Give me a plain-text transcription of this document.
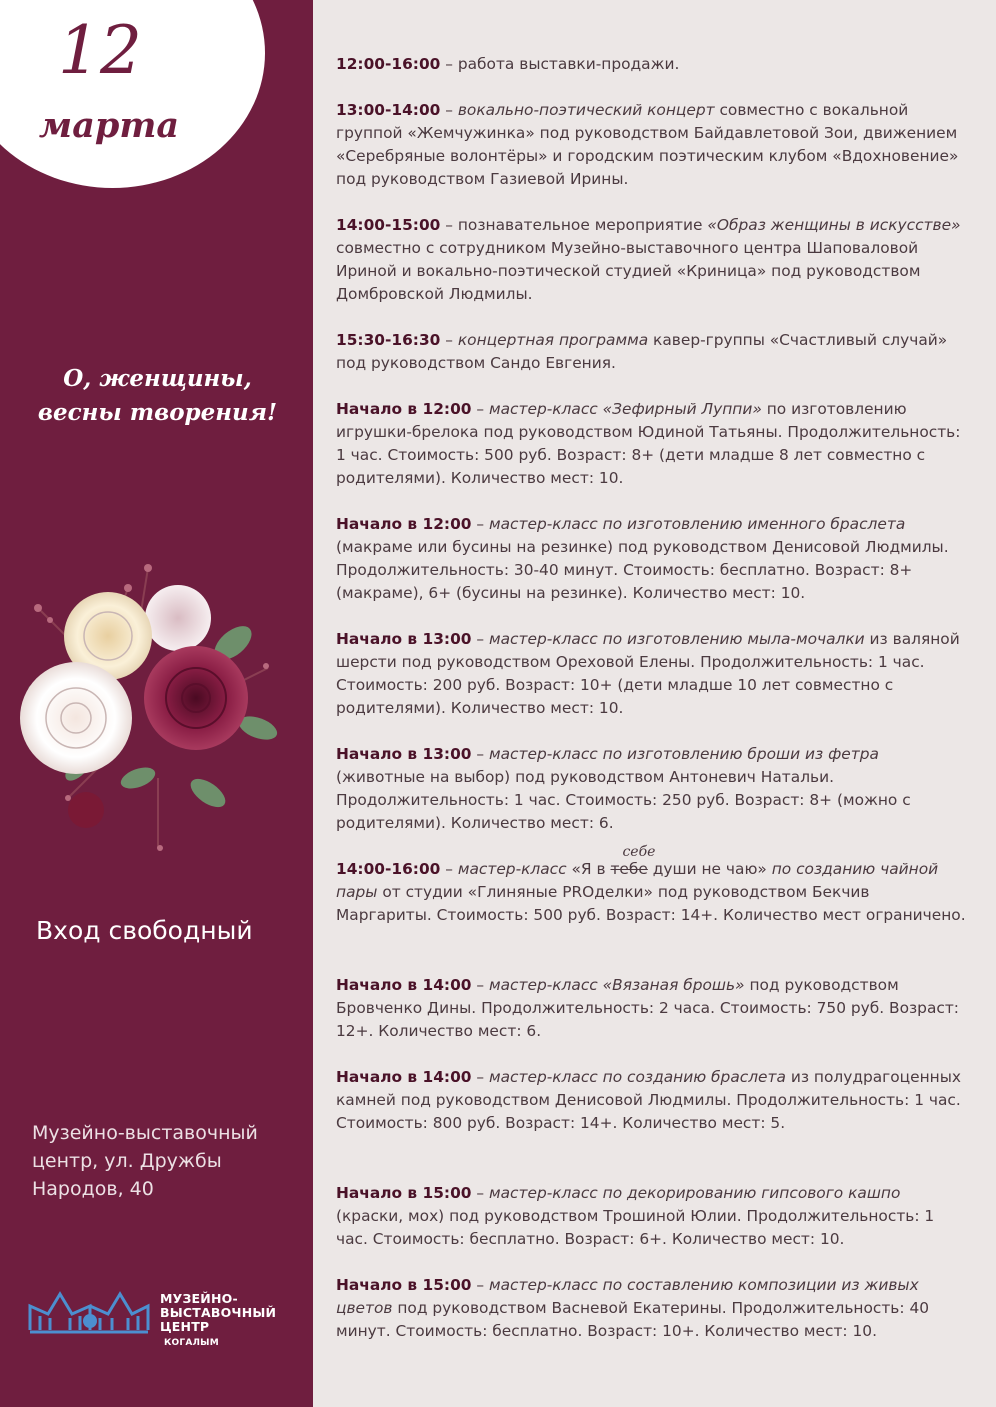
12
марта
О, женщины,
весны творения!
Вход свободный
Музейно-выставочный
центр, ул. Дружбы
Народов, 40
МУЗЕЙНО-
ВЫСТАВОЧНЫЙ
ЦЕНТР
КОГАЛЫМ
12:00-16:00 – работа выставки-продажи.
13:00-14:00 – вокально-поэтический концерт совместно с вокальной группой «Жемчужинка» под руководством Байдавлетовой Зои, движением «Серебряные волонтёры» и городским поэтическим клубом «Вдохновение» под руководством Газиевой Ирины.
14:00-15:00 – познавательное мероприятие «Образ женщины в искусстве» совместно с сотрудником Музейно-выставочного центра Шаповаловой Ириной и вокально-поэтической студией «Криница» под руководством Домбровской Людмилы.
15:30-16:30 – концертная программа кавер-группы «Счастливый случай» под руководством Сандо Евгения.
Начало в 12:00 – мастер-класс «Зефирный Луппи» по изготовлению игрушки-брелока под руководством Юдиной Татьяны. Продолжительность: 1 час. Стоимость: 500 руб. Возраст: 8+ (дети младше 8 лет совместно с родителями). Количество мест: 10.
Начало в 12:00 – мастер-класс по изготовлению именного браслета (макраме или бусины на резинке) под руководством Денисовой Людмилы. Продолжительность: 30-40 минут. Стоимость: бесплатно. Возраст: 8+ (макраме), 6+ (бусины на резинке). Количество мест: 10.
Начало в 13:00 – мастер-класс по изготовлению мыла-мочалки из валяной шерсти под руководством Ореховой Елены. Продолжительность: 1 час. Стоимость: 200 руб. Возраст: 10+ (дети младше 10 лет совместно с родителями). Количество мест: 10.
Начало в 13:00 – мастер-класс по изготовлению броши из фетра (животные на выбор) под руководством Антоневич Натальи. Продолжительность: 1 час. Стоимость: 250 руб. Возраст: 8+ (можно с родителями). Количество мест: 6.
14:00-16:00 – мастер-класс «Я в тебе
себе
души не чаю» по созданию чайной пары от студии «Глиняные PROделки» под руководством Бекчив Маргариты. Стоимость: 500 руб. Возраст: 14+. Количество мест ограничено.
Начало в 14:00 – мастер-класс «Вязаная брошь» под руководством Бровченко Дины. Продолжительность: 2 часа. Стоимость: 750 руб. Возраст: 12+. Количество мест: 6.
Начало в 14:00 – мастер-класс по созданию браслета из полудрагоценных камней под руководством Денисовой Людмилы. Продолжительность: 1 час. Стоимость: 800 руб. Возраст: 14+. Количество мест: 5.
Начало в 15:00 – мастер-класс по декорированию гипсового кашпо (краски, мох) под руководством Трошиной Юлии. Продолжительность: 1 час. Стоимость: бесплатно. Возраст: 6+. Количество мест: 10.
Начало в 15:00 – мастер-класс по составлению композиции из живых цветов под руководством Васневой Екатерины. Продолжительность: 40 минут. Стоимость: бесплатно. Возраст: 10+. Количество мест: 10.
